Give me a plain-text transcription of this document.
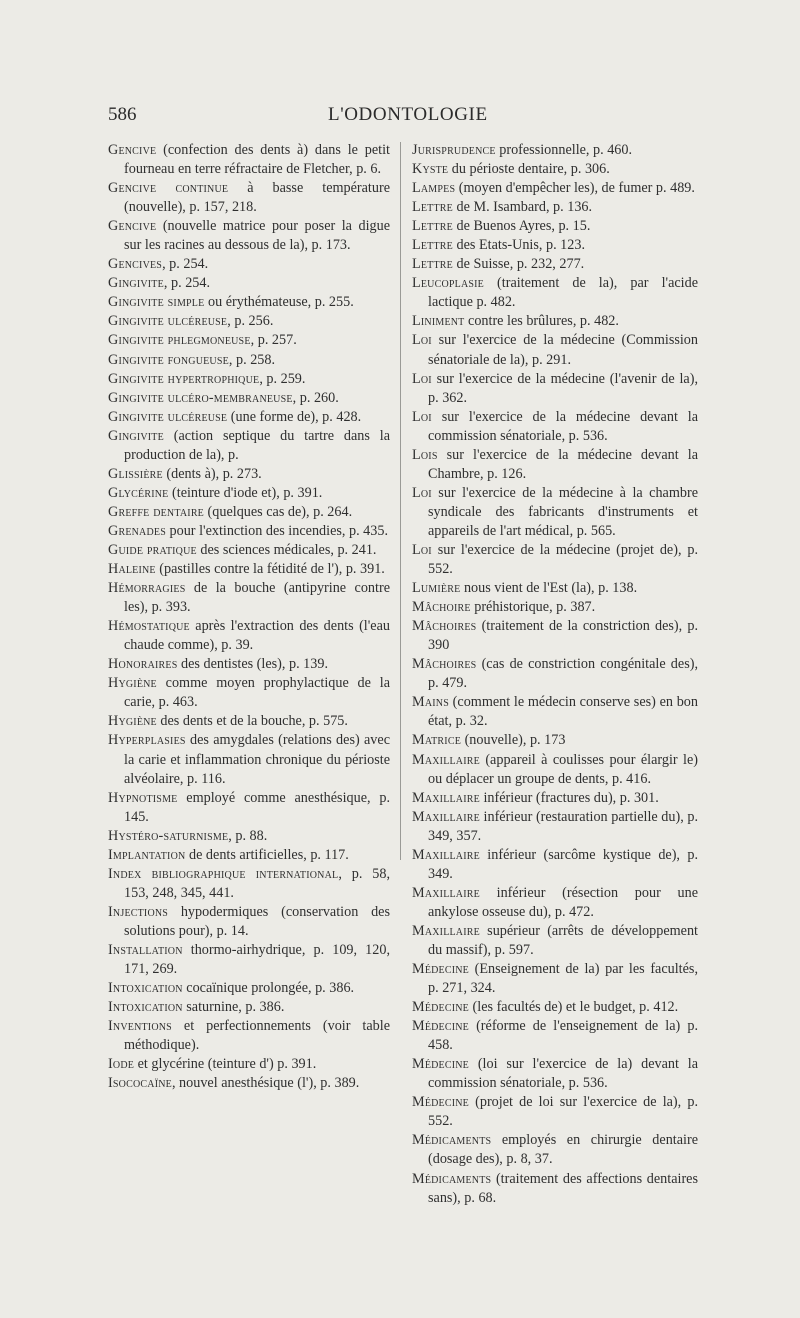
586	L'ODONTOLOGIE

Gencive (confection des dents à) dans le petit fourneau en terre réfractaire de Fletcher, p. 6.

Gencive continue à basse température (nouvelle), p. 157, 218.

Gencive (nouvelle matrice pour poser la digue sur les racines au dessous de la), p. 173.

Gencives, p. 254.

Gingivite, p. 254.

Gingivite simple ou érythémateuse, p. 255.

Gingivite ulcéreuse, p. 256.

Gingivite phlegmoneuse, p. 257.

Gingivite fongueuse, p. 258.

Gingivite hypertrophique, p. 259.

Gingivite ulcéro-membraneuse, p. 260.

Gingivite ulcéreuse (une forme de), p. 428.

Gingivite (action septique du tartre dans la production de la), p.

Glissière (dents à), p. 273.

Glycérine (teinture d'iode et), p. 391.

Greffe dentaire (quelques cas de), p. 264.

Grenades pour l'extinction des incendies, p. 435.

Guide pratique des sciences médicales, p. 241.

Haleine (pastilles contre la fétidité de l'), p. 391.

Hémorragies de la bouche (antipyrine contre les), p. 393.

Hémostatique après l'extraction des dents (l'eau chaude comme), p. 39.

Honoraires des dentistes (les), p. 139.

Hygiène comme moyen prophylactique de la carie, p. 463.

Hygiène des dents et de la bouche, p. 575.

Hyperplasies des amygdales (relations des) avec la carie et inflammation chronique du périoste alvéolaire, p. 116.

Hypnotisme employé comme anesthésique, p. 145.

Hystéro-saturnisme, p. 88.

Implantation de dents artificielles, p. 117.

Index bibliographique international, p. 58, 153, 248, 345, 441.

Injections hypodermiques (conservation des solutions pour), p. 14.

Installation thormo-airhydrique, p. 109, 120, 171, 269.

Intoxication cocaïnique prolongée, p. 386.

Intoxication saturnine, p. 386.

Inventions et perfectionnements (voir table méthodique).

Iode et glycérine (teinture d') p. 391.

Isococaïne, nouvel anesthésique (l'), p. 389.

Jurisprudence professionnelle, p. 460.

Kyste du périoste dentaire, p. 306.

Lampes (moyen d'empêcher les), de fumer p. 489.

Lettre de M. Isambard, p. 136.

Lettre de Buenos Ayres, p. 15.

Lettre des Etats-Unis, p. 123.

Lettre de Suisse, p. 232, 277.

Leucoplasie (traitement de la), par l'acide lactique p. 482.

Liniment contre les brûlures, p. 482.

Loi sur l'exercice de la médecine (Commission sénatoriale de la), p. 291.

Loi sur l'exercice de la médecine (l'avenir de la), p. 362.

Loi sur l'exercice de la médecine devant la commission sénatoriale, p. 536.

Lois sur l'exercice de la médecine devant la Chambre, p. 126.

Loi sur l'exercice de la médecine à la chambre syndicale des fabricants d'instruments et appareils de l'art médical, p. 565.

Loi sur l'exercice de la médecine (projet de), p. 552.

Lumière nous vient de l'Est (la), p. 138.

Mâchoire préhistorique, p. 387.

Mâchoires (traitement de la constriction des), p. 390

Mâchoires (cas de constriction congénitale des), p. 479.

Mains (comment le médecin conserve ses) en bon état, p. 32.

Matrice (nouvelle), p. 173

Maxillaire (appareil à coulisses pour élargir le) ou déplacer un groupe de dents, p. 416.

Maxillaire inférieur (fractures du), p. 301.

Maxillaire inférieur (restauration partielle du), p. 349, 357.

Maxillaire inférieur (sarcôme kystique de), p. 349.

Maxillaire inférieur (résection pour une ankylose osseuse du), p. 472.

Maxillaire supérieur (arrêts de développement du massif), p. 597.

Médecine (Enseignement de la) par les facultés, p. 271, 324.

Médecine (les facultés de) et le budget, p. 412.

Médecine (réforme de l'enseignement de la) p. 458.

Médecine (loi sur l'exercice de la) devant la commission sénatoriale, p. 536.

Médecine (projet de loi sur l'exercice de la), p. 552.

Médicaments employés en chirurgie dentaire (dosage des), p. 8, 37.

Médicaments (traitement des affections dentaires sans), p. 68.
